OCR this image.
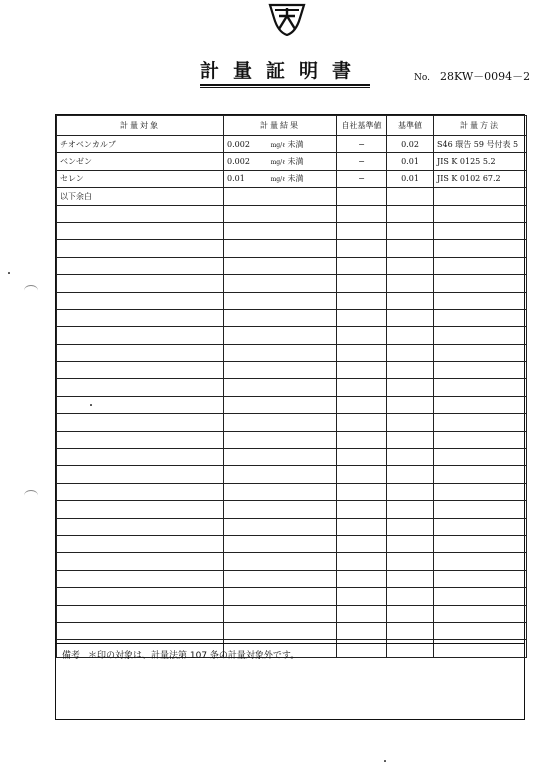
計量証明書	No. 28KW－0094－2
計量対象	計量結果	自社基準値	基準値	計量方法
チオベンカルブ	0.002 mg/ℓ 未満	−	0.02	S46 環告 59 号付表 5
ベンゼン	0.002 mg/ℓ 未満	−	0.01	JIS K 0125 5.2
セレン	0.01 mg/ℓ 未満	−	0.01	JIS K 0102 67.2
以下余白				

備考 ＊印の対象は、計量法第 107 条の計量対象外です。
